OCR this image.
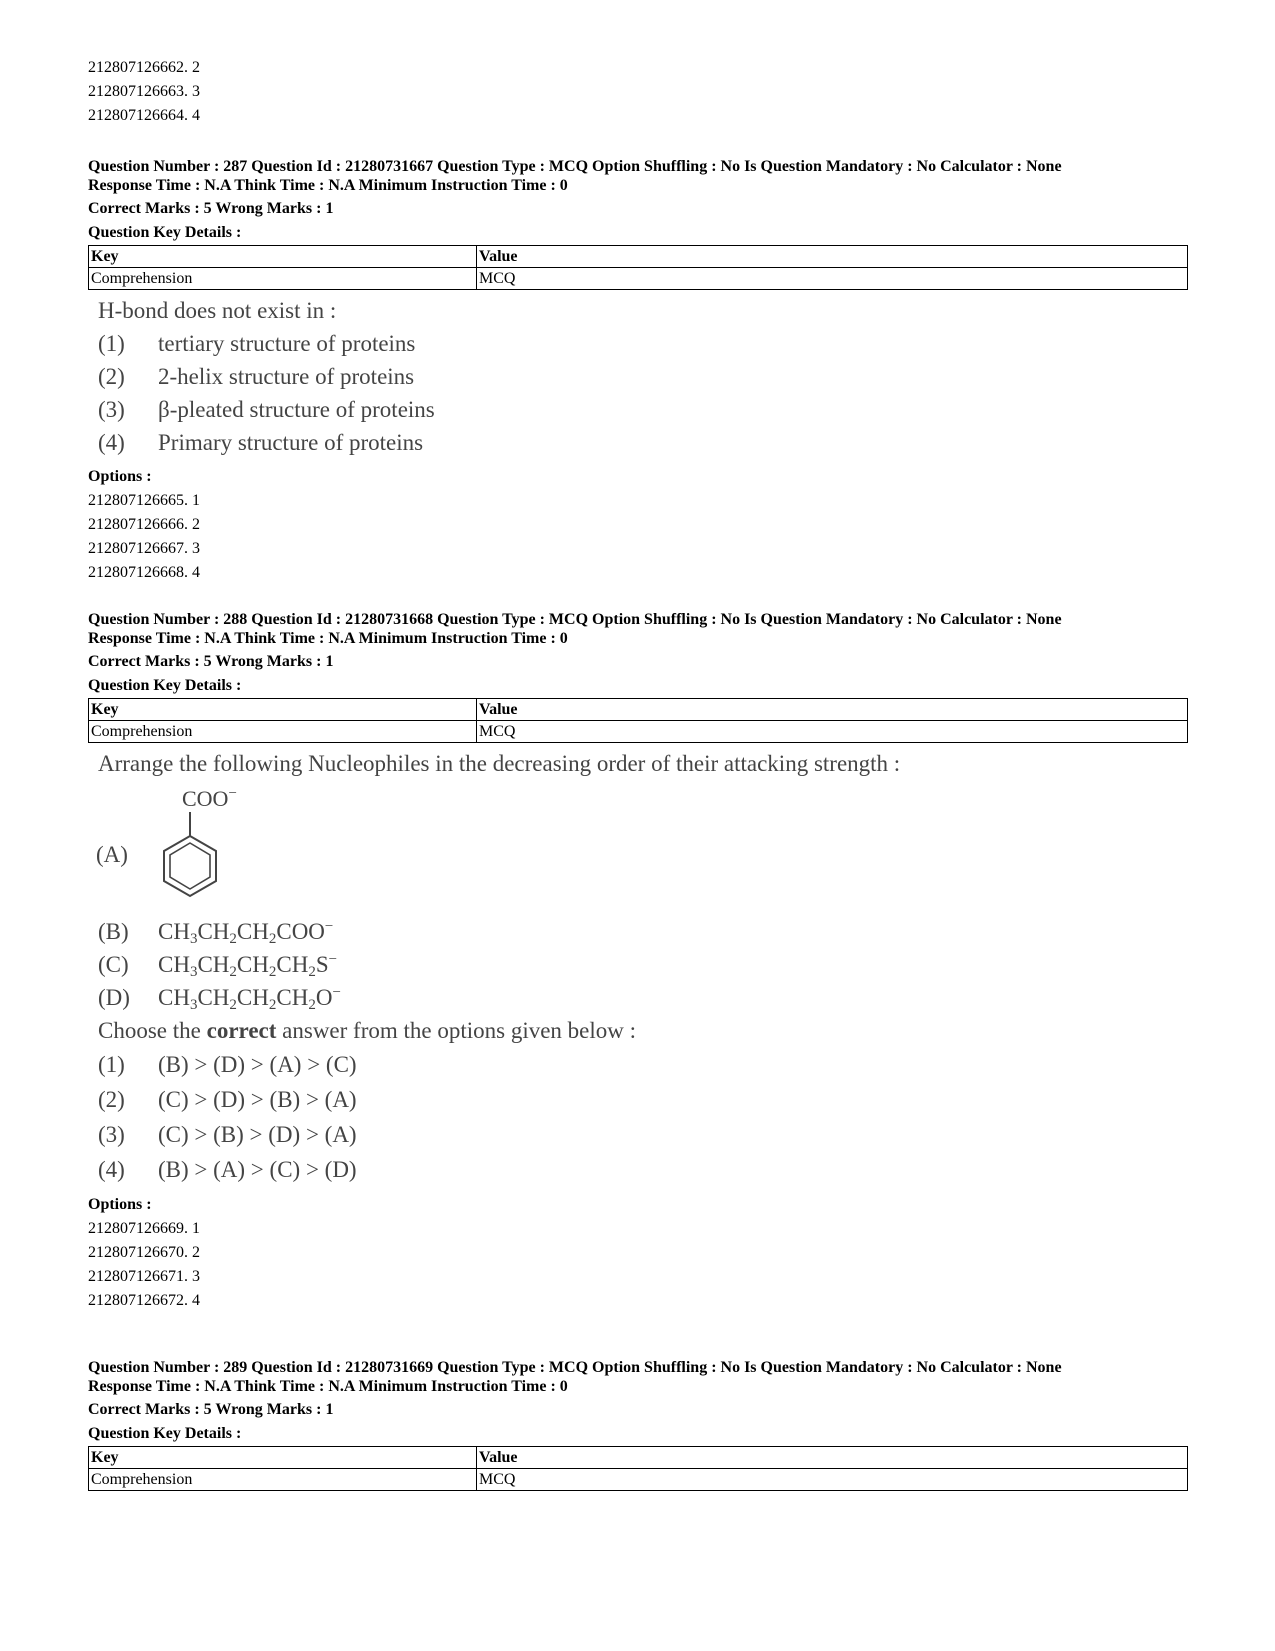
212807126662. 2
212807126663. 3
212807126664. 4
Question Number : 287 Question Id : 21280731667 Question Type : MCQ Option Shuffling : No Is Question Mandatory : No Calculator : None
Response Time : N.A Think Time : N.A Minimum Instruction Time : 0
Correct Marks : 5 Wrong Marks : 1
Question Key Details :
Key	Value
Comprehension	MCQ
H-bond does not exist in :
(1)	tertiary structure of proteins
(2)	2-helix structure of proteins
(3)	β-pleated structure of proteins
(4)	Primary structure of proteins
Options :
212807126665. 1
212807126666. 2
212807126667. 3
212807126668. 4
Question Number : 288 Question Id : 21280731668 Question Type : MCQ Option Shuffling : No Is Question Mandatory : No Calculator : None
Response Time : N.A Think Time : N.A Minimum Instruction Time : 0
Correct Marks : 5 Wrong Marks : 1
Question Key Details :
Key	Value
Comprehension	MCQ
Arrange the following Nucleophiles in the decreasing order of their attacking strength :
(A)
COO−
(B)	$CH_3CH_2CH_2COO^-$
(C)	$CH_3CH_2CH_2CH_2S^-$
(D)	$CH_3CH_2CH_2CH_2O^-$
Choose the correct answer from the options given below :
(1)	(B) > (D) > (A) > (C)
(2)	(C) > (D) > (B) > (A)
(3)	(C) > (B) > (D) > (A)
(4)	(B) > (A) > (C) > (D)
Options :
212807126669. 1
212807126670. 2
212807126671. 3
212807126672. 4
Question Number : 289 Question Id : 21280731669 Question Type : MCQ Option Shuffling : No Is Question Mandatory : No Calculator : None
Response Time : N.A Think Time : N.A Minimum Instruction Time : 0
Correct Marks : 5 Wrong Marks : 1
Question Key Details :
Key	Value
Comprehension	MCQ
